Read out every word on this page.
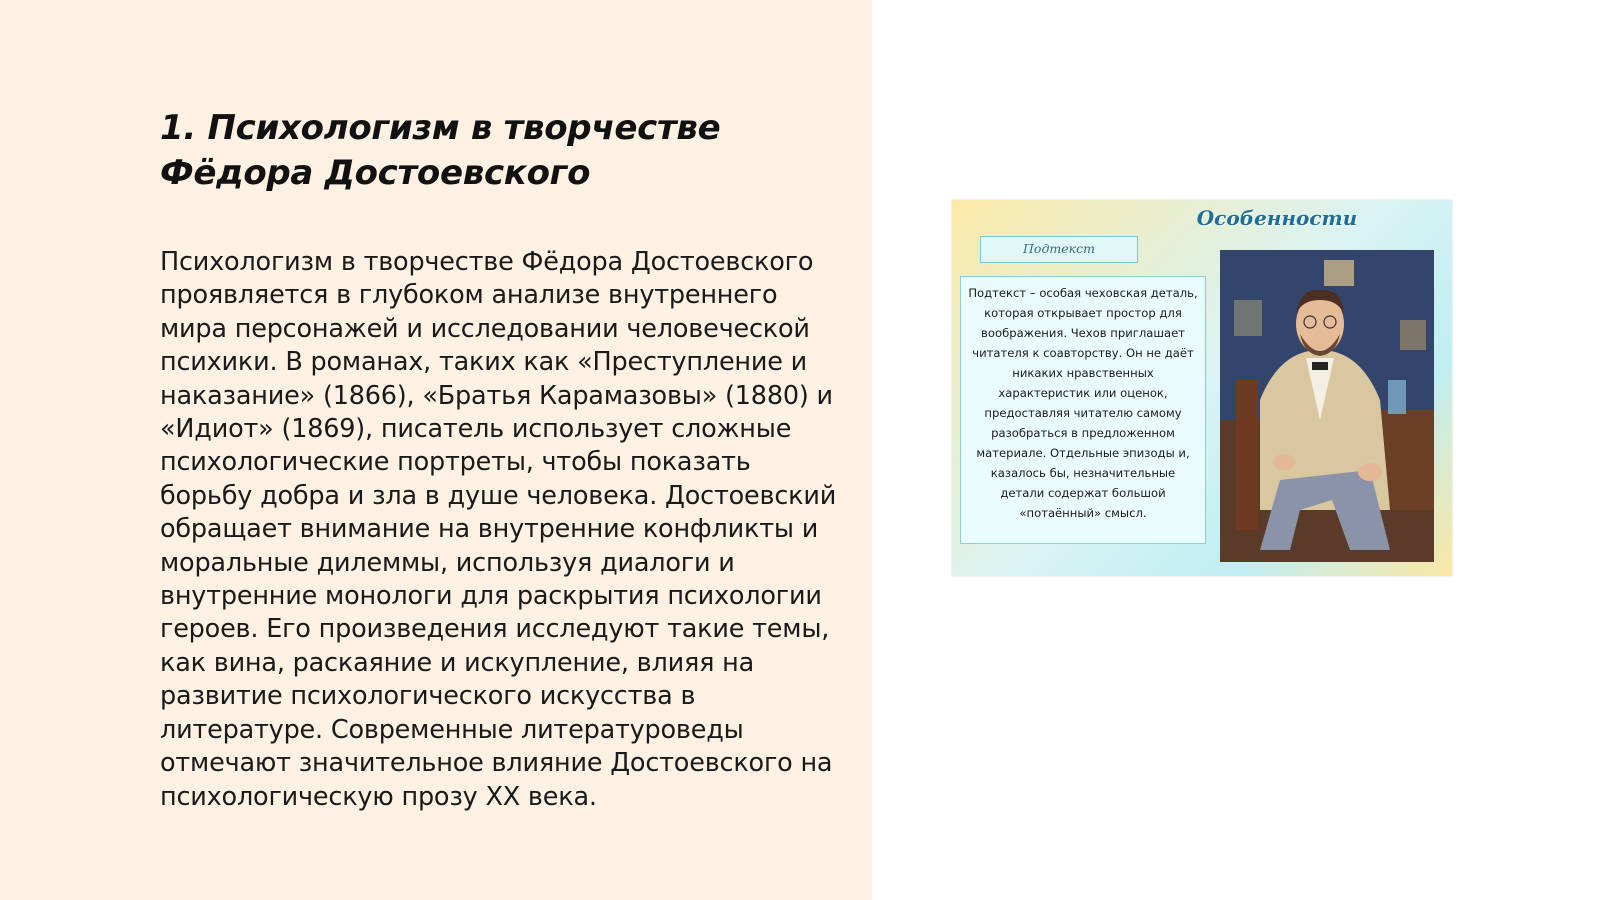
1. Психологизм в творчестве Фёдора Достоевского

Психологизм в творчестве Фёдора Достоевского проявляется в глубоком анализе внутреннего мира персонажей и исследовании человеческой психики. В романах, таких как «Преступление и наказание» (1866), «Братья Карамазовы» (1880) и «Идиот» (1869), писатель использует сложные психологические портреты, чтобы показать борьбу добра и зла в душе человека. Достоевский обращает внимание на внутренние конфликты и моральные дилеммы, используя диалоги и внутренние монологи для раскрытия психологии героев. Его произведения исследуют такие темы, как вина, раскаяние и искупление, влияя на развитие психологического искусства в литературе. Современные литературоведы отмечают значительное влияние Достоевского на психологическую прозу XX века.

Особенности
Подтекст
Подтекст – особая чеховская деталь, которая открывает простор для воображения. Чехов приглашает читателя к соавторству. Он не даёт никаких нравственных характеристик или оценок, предоставляя читателю самому разобраться в предложенном материале. Отдельные эпизоды и, казалось бы, незначительные детали содержат большой «потаённый» смысл.
